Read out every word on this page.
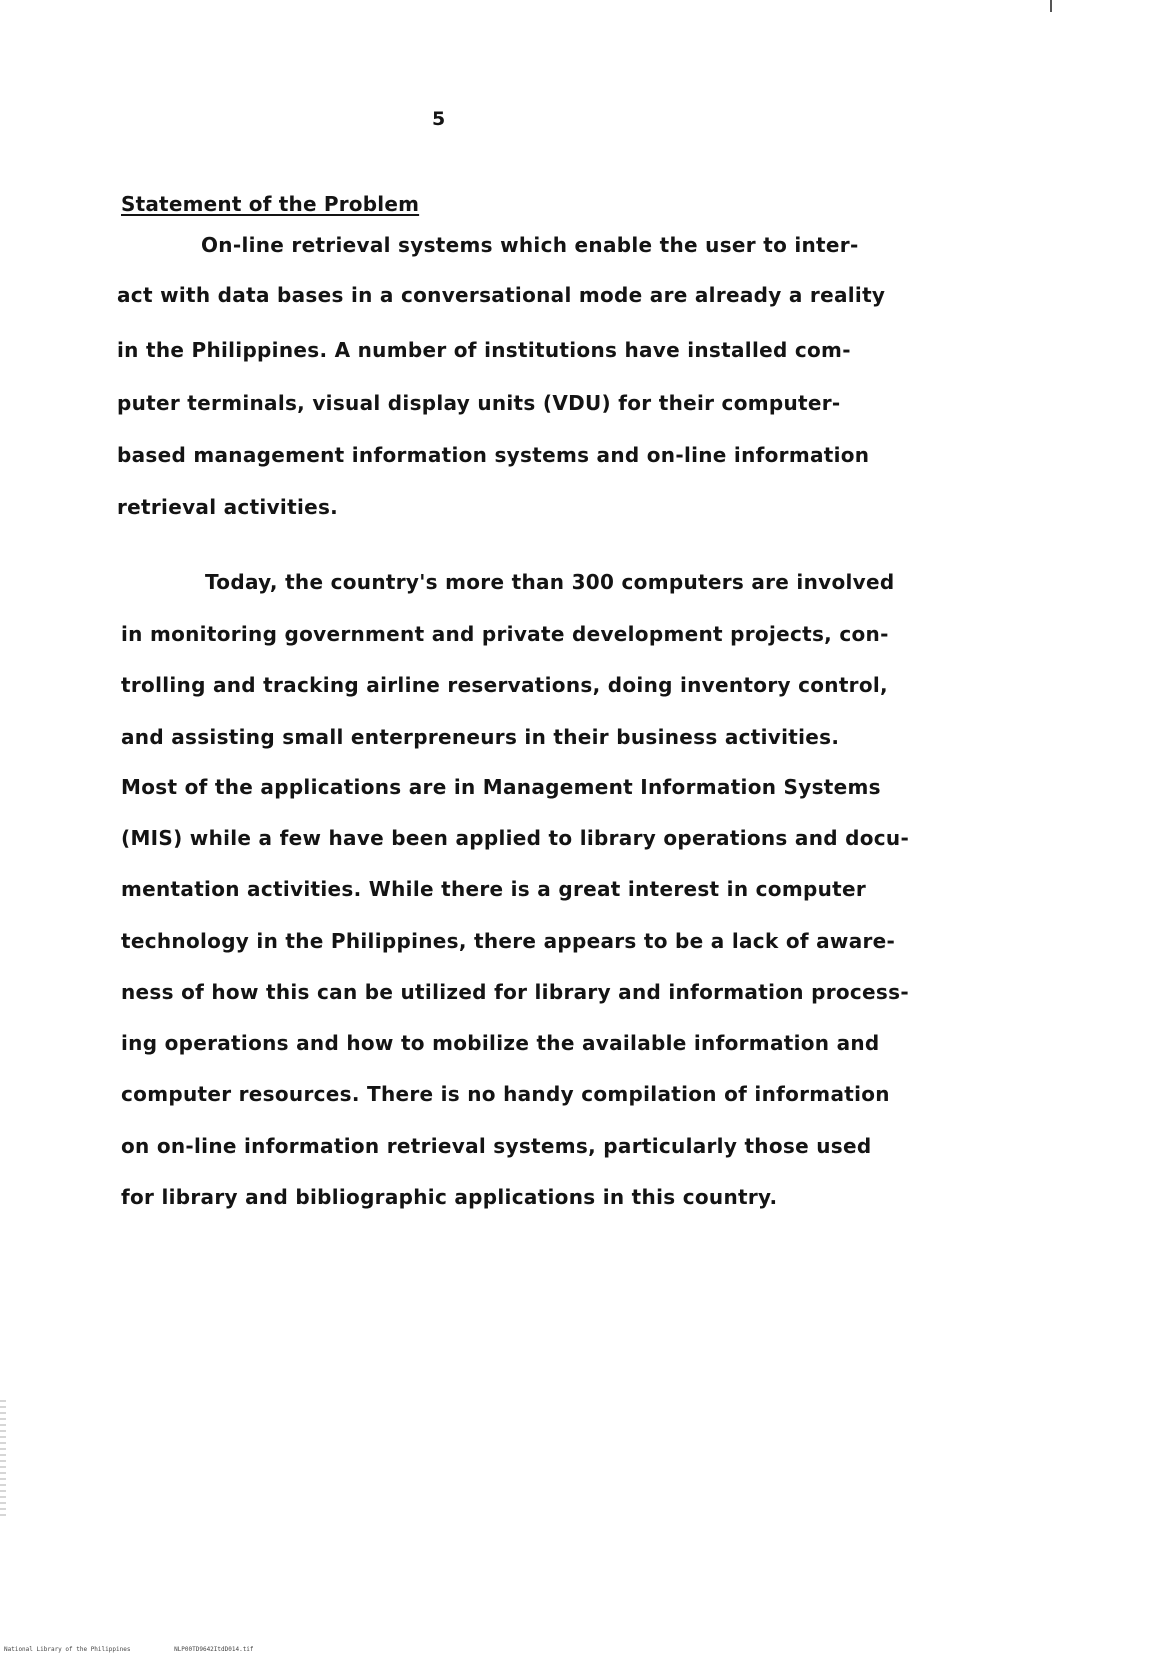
5
Statement of the Problem
On-line retrieval systems which enable the user to inter-
act with data bases in a conversational mode are already a reality
in the Philippines. A number of institutions have installed com-
puter terminals, visual display units (VDU) for their computer-
based management information systems and on-line information
retrieval activities.
Today, the country's more than 300 computers are involved
in monitoring government and private development projects, con-
trolling and tracking airline reservations, doing inventory control,
and assisting small enterpreneurs in their business activities.
Most of the applications are in Management Information Systems
(MIS) while a few have been applied to library operations and docu-
mentation activities. While there is a great interest in computer
technology in the Philippines, there appears to be a lack of aware-
ness of how this can be utilized for library and information process-
ing operations and how to mobilize the available information and
computer resources. There is no handy compilation of information
on on-line information retrieval systems, particularly those used
for library and bibliographic applications in this country.
National Library of the Philippines	NLP00TD9642ItdD014.tif
